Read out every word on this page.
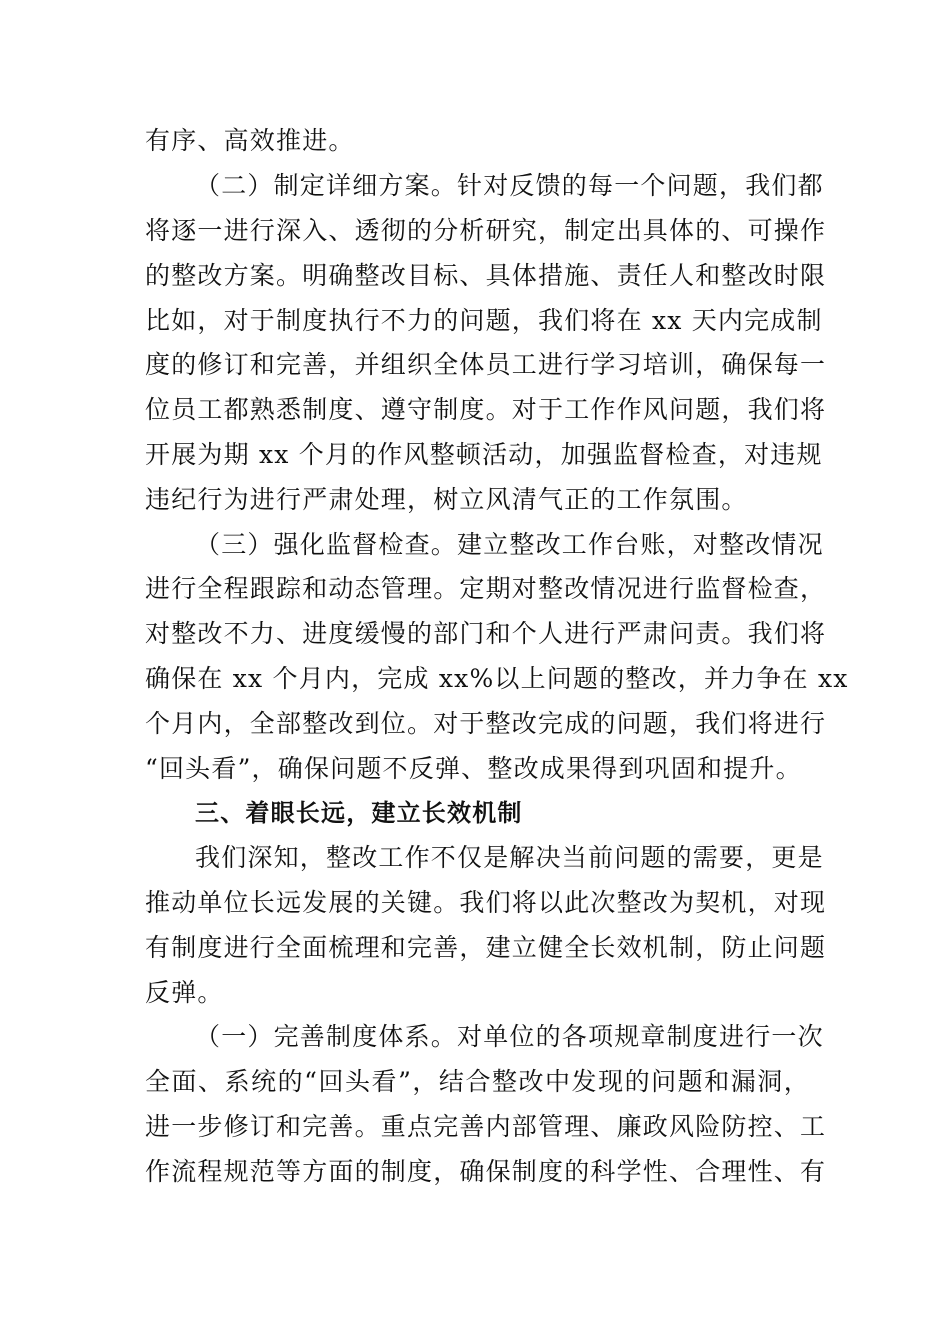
有序、高效推进。
（二）制定详细方案。针对反馈的每一个问题，我们都
将逐一进行深入、透彻的分析研究，制定出具体的、可操作
的整改方案。明确整改目标、具体措施、责任人和整改时限
比如，对于制度执行不力的问题，我们将在 xx 天内完成制
度的修订和完善，并组织全体员工进行学习培训，确保每一
位员工都熟悉制度、遵守制度。对于工作作风问题，我们将
开展为期 xx 个月的作风整顿活动，加强监督检查，对违规
违纪行为进行严肃处理，树立风清气正的工作氛围。
（三）强化监督检查。建立整改工作台账，对整改情况
进行全程跟踪和动态管理。定期对整改情况进行监督检查，
对整改不力、进度缓慢的部门和个人进行严肃问责。我们将
确保在 xx 个月内，完成 xx%以上问题的整改，并力争在 xx
个月内，全部整改到位。对于整改完成的问题，我们将进行
“回头看”，确保问题不反弹、整改成果得到巩固和提升。
三、着眼长远，建立长效机制
我们深知，整改工作不仅是解决当前问题的需要，更是
推动单位长远发展的关键。我们将以此次整改为契机，对现
有制度进行全面梳理和完善，建立健全长效机制，防止问题
反弹。
（一）完善制度体系。对单位的各项规章制度进行一次
全面、系统的“回头看”，结合整改中发现的问题和漏洞，
进一步修订和完善。重点完善内部管理、廉政风险防控、工
作流程规范等方面的制度，确保制度的科学性、合理性、有
